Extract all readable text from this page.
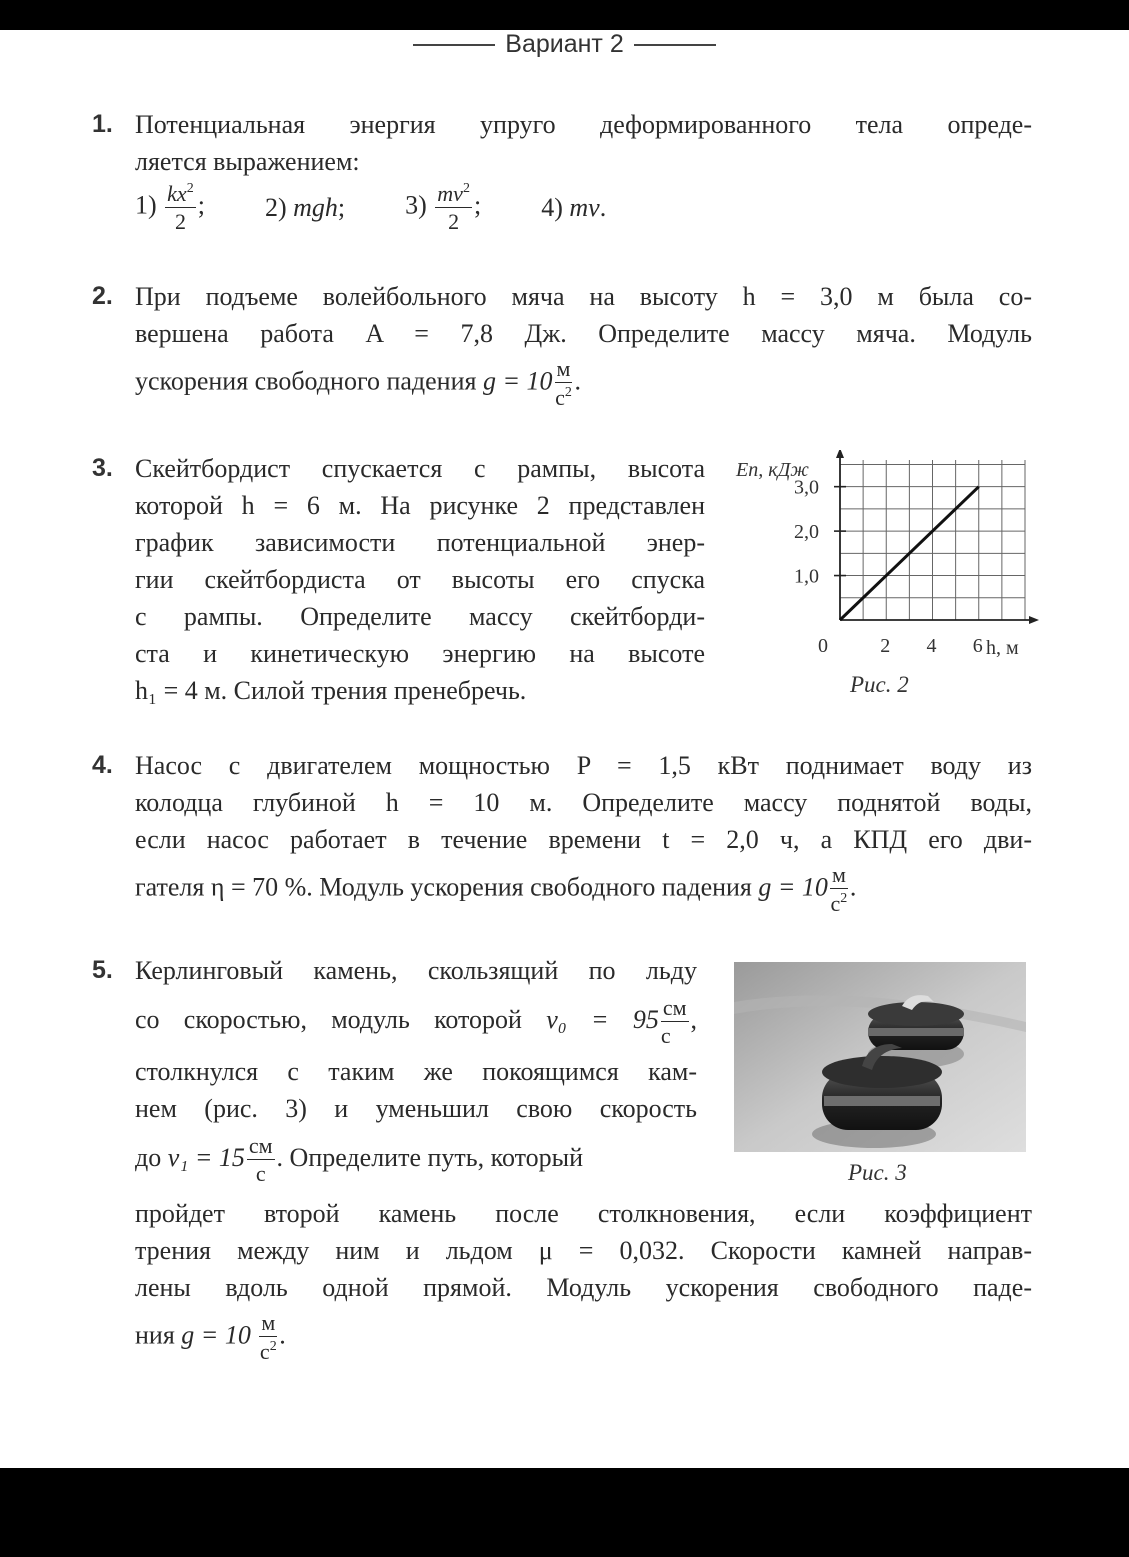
Вариант 2
1. Потенциальная энергия упруго деформированного тела опреде-
ляется выражением:
$1) \frac{kx^2}{2}$ ; 2) mgh; $3) \frac{mv^2}{2}$ ; 4) mv.
2. При подъеме волейбольного мяча на высоту h = 3,0 м была со-
вершена работа A = 7,8 Дж. Определите массу мяча. Модуль
ускорения свободного падения $g = 10 \frac{м}{с^2}$ .
3. Скейтбордист спускается с рампы, высота
которой h = 6 м. На рисунке 2 представлен
график зависимости потенциальной энер-
гии скейтбордиста от высоты его спуска
с рампы. Определите массу скейтборди-
ста и кинетическую энергию на высоте
h₁ = 4 м. Силой трения пренебречь.
0	2 4 6
1,0
2,0
3,0
Eп, кДж
h, м
Рис. 2
4. Насос с двигателем мощностью P = 1,5 кВт поднимает воду из
колодца глубиной h = 10 м. Определите массу поднятой воды,
если насос работает в течение времени t = 2,0 ч, а КПД его дви-
гателя η = 70 %. Модуль ускорения свободного падения $g = 10 \frac{м}{с^2}$ .
5. Керлинговый камень, скользящий по льду
со скоростью, модуль которой $v_0 = 95 \frac{см}{с}$ ,
столкнулся с таким же покоящимся кам-
нем (рис. 3) и уменьшил свою скорость
до $v_1 = 15 \frac{см}{с}$ . Определите путь, который
пройдет второй камень после столкновения, если коэффициент
трения между ним и льдом μ = 0,032. Скорости камней направ-
лены вдоль одной прямой. Модуль ускорения свободного паде-
ния $g = 10 \frac{м}{с^2}$ .
Рис. 3
